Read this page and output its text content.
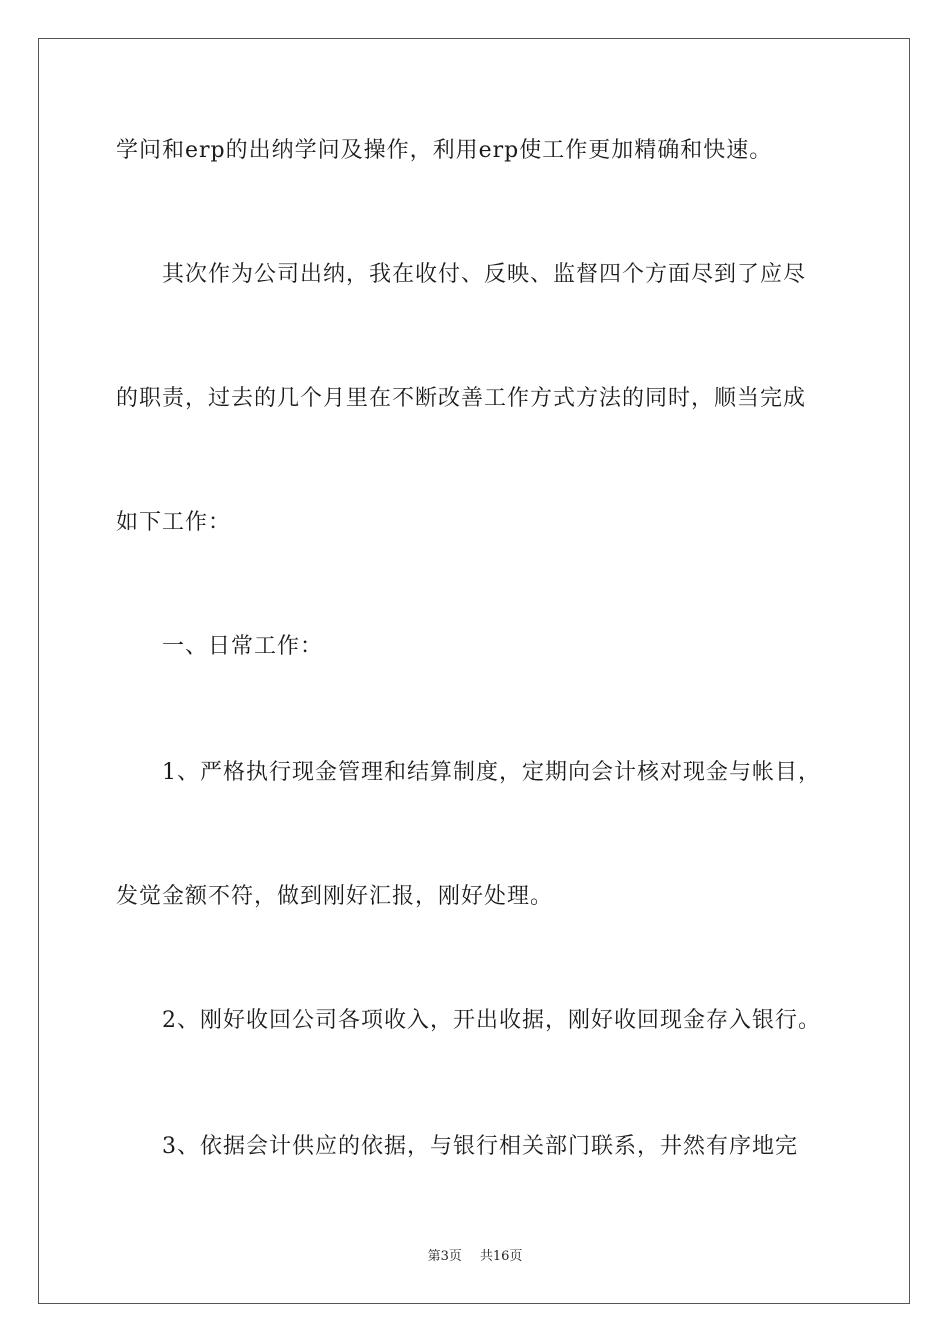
学问和erp的出纳学问及操作，利用erp使工作更加精确和快速。
其次作为公司出纳，我在收付、反映、监督四个方面尽到了应尽
的职责，过去的几个月里在不断改善工作方式方法的同时，顺当完成
如下工作：
一、日常工作：
1、严格执行现金管理和结算制度，定期向会计核对现金与帐目，
发觉金额不符，做到刚好汇报，刚好处理。
2、刚好收回公司各项收入，开出收据，刚好收回现金存入银行。
3、依据会计供应的依据，与银行相关部门联系，井然有序地完
第3页 共16页
